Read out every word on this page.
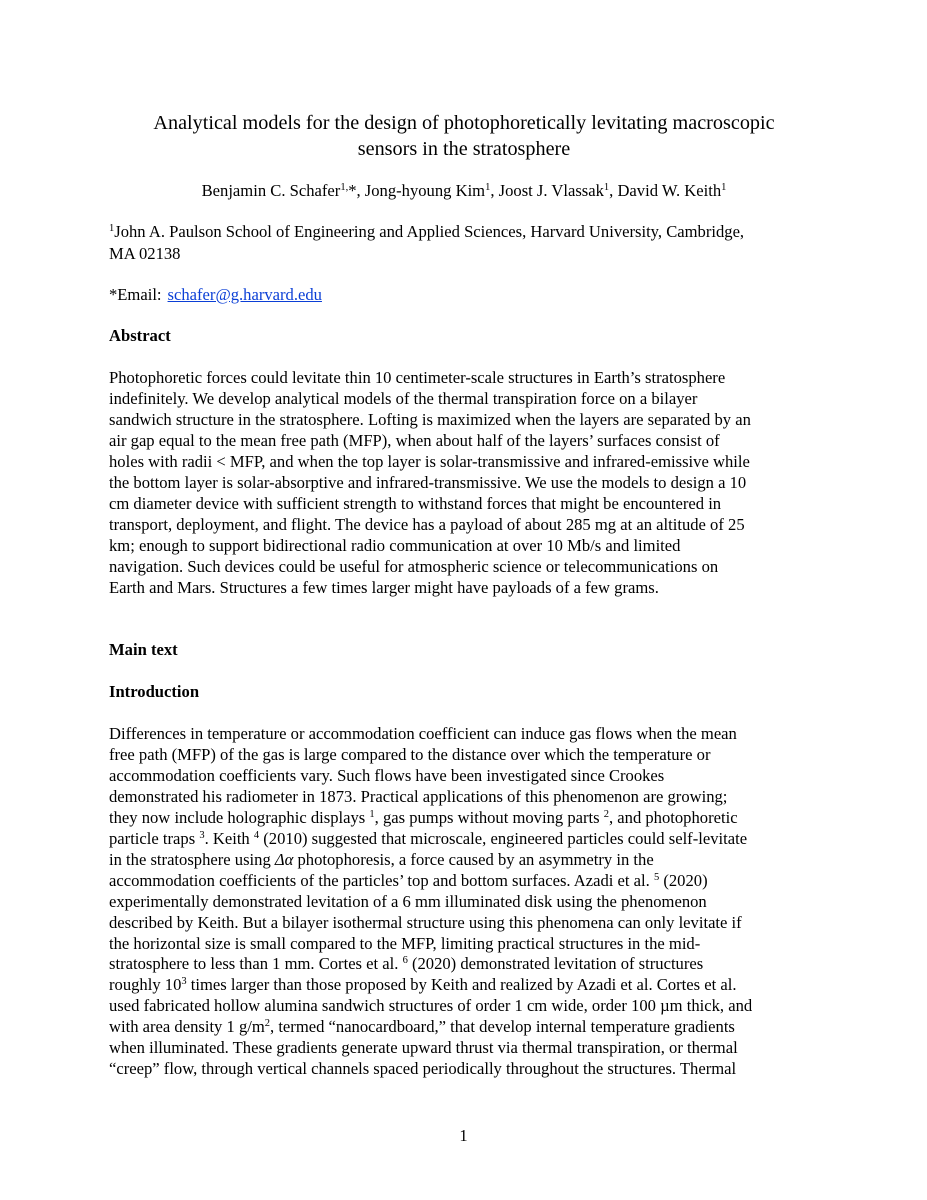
Analytical models for the design of photophoretically levitating macroscopic
sensors in the stratosphere
Benjamin C. Schafer$^{1,}$*, Jong-hyoung Kim$^1$, Joost J. Vlassak$^1$, David W. Keith$^1$
$^1$John A. Paulson School of Engineering and Applied Sciences, Harvard University, Cambridge,
MA 02138
*Email: schafer@g.harvard.edu
Abstract
Photophoretic forces could levitate thin 10 centimeter-scale structures in Earth’s stratosphere
indefinitely. We develop analytical models of the thermal transpiration force on a bilayer
sandwich structure in the stratosphere. Lofting is maximized when the layers are separated by an
air gap equal to the mean free path (MFP), when about half of the layers’ surfaces consist of
holes with radii < MFP, and when the top layer is solar-transmissive and infrared-emissive while
the bottom layer is solar-absorptive and infrared-transmissive. We use the models to design a 10
cm diameter device with sufficient strength to withstand forces that might be encountered in
transport, deployment, and flight. The device has a payload of about 285 mg at an altitude of 25
km; enough to support bidirectional radio communication at over 10 Mb/s and limited
navigation. Such devices could be useful for atmospheric science or telecommunications on
Earth and Mars. Structures a few times larger might have payloads of a few grams.
Main text
Introduction
Differences in temperature or accommodation coefficient can induce gas flows when the mean
free path (MFP) of the gas is large compared to the distance over which the temperature or
accommodation coefficients vary. Such flows have been investigated since Crookes
demonstrated his radiometer in 1873. Practical applications of this phenomenon are growing;
they now include holographic displays $^1$, gas pumps without moving parts $^2$, and photophoretic
particle traps $^3$. Keith $^4$ (2010) suggested that microscale, engineered particles could self-levitate
in the stratosphere using Δα photophoresis, a force caused by an asymmetry in the
accommodation coefficients of the particles’ top and bottom surfaces. Azadi et al. $^5$ (2020)
experimentally demonstrated levitation of a 6 mm illuminated disk using the phenomenon
described by Keith. But a bilayer isothermal structure using this phenomena can only levitate if
the horizontal size is small compared to the MFP, limiting practical structures in the mid-
stratosphere to less than 1 mm. Cortes et al. $^6$ (2020) demonstrated levitation of structures
roughly $10^3$ times larger than those proposed by Keith and realized by Azadi et al. Cortes et al.
used fabricated hollow alumina sandwich structures of order 1 cm wide, order 100 µm thick, and
with area density 1 $g/m^2$, termed “nanocardboard,” that develop internal temperature gradients
when illuminated. These gradients generate upward thrust via thermal transpiration, or thermal
“creep” flow, through vertical channels spaced periodically throughout the structures. Thermal
1
